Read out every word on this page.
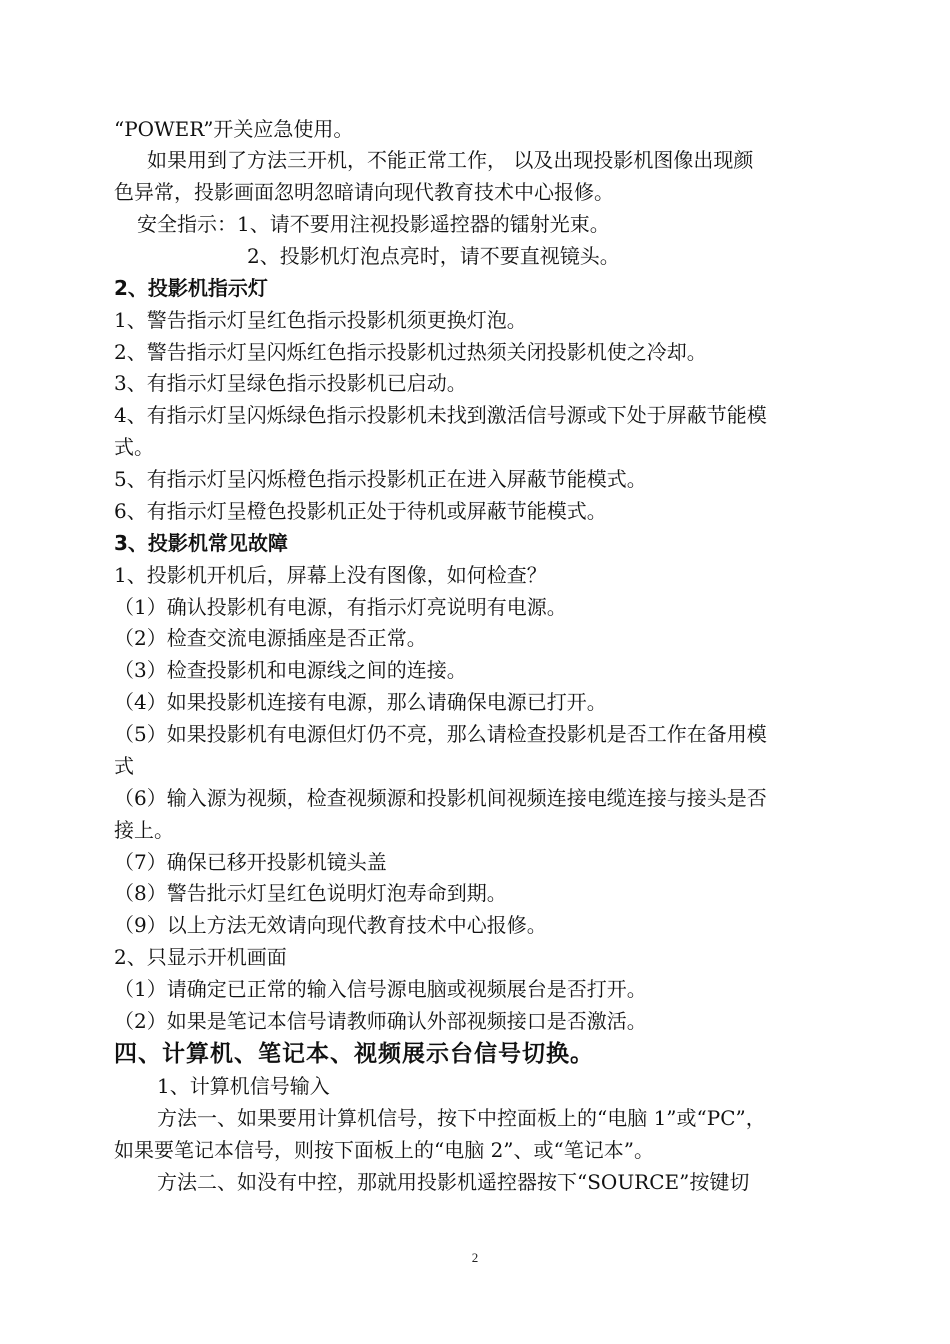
“POWER”开关应急使用。
如果用到了方法三开机，不能正常工作， 以及出现投影机图像出现颜
色异常，投影画面忽明忽暗请向现代教育技术中心报修。
安全指示：1、请不要用注视投影遥控器的镭射光束。
2、投影机灯泡点亮时，请不要直视镜头。
2、投影机指示灯
1、警告指示灯呈红色指示投影机须更换灯泡。
2、警告指示灯呈闪烁红色指示投影机过热须关闭投影机使之冷却。
3、有指示灯呈绿色指示投影机已启动。
4、有指示灯呈闪烁绿色指示投影机未找到激活信号源或下处于屏蔽节能模
式。
5、有指示灯呈闪烁橙色指示投影机正在进入屏蔽节能模式。
6、有指示灯呈橙色投影机正处于待机或屏蔽节能模式。
3、投影机常见故障
1、投影机开机后，屏幕上没有图像，如何检查？
（1）确认投影机有电源，有指示灯亮说明有电源。
（2）检查交流电源插座是否正常。
（3）检查投影机和电源线之间的连接。
（4）如果投影机连接有电源，那么请确保电源已打开。
（5）如果投影机有电源但灯仍不亮，那么请检查投影机是否工作在备用模
式
（6）输入源为视频，检查视频源和投影机间视频连接电缆连接与接头是否
接上。
（7）确保已移开投影机镜头盖
（8）警告批示灯呈红色说明灯泡寿命到期。
（9）以上方法无效请向现代教育技术中心报修。
2、只显示开机画面
（1）请确定已正常的输入信号源电脑或视频展台是否打开。
（2）如果是笔记本信号请教师确认外部视频接口是否激活。
四、计算机、笔记本、视频展示台信号切换。
1、计算机信号输入
方法一、如果要用计算机信号，按下中控面板上的“电脑 1”或“PC”，
如果要笔记本信号，则按下面板上的“电脑 2”、或“笔记本”。
方法二、如没有中控，那就用投影机遥控器按下“SOURCE”按键切
2
